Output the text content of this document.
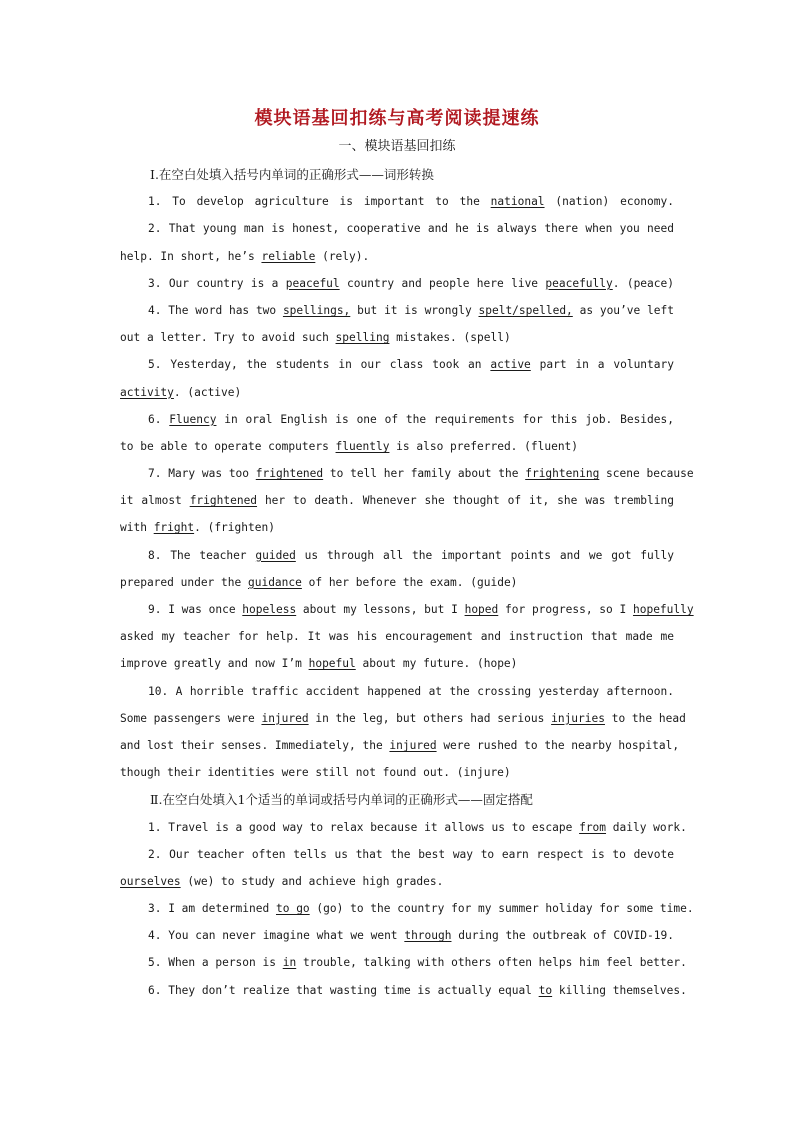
模块语基回扣练与高考阅读提速练

一、模块语基回扣练

Ⅰ.在空白处填入括号内单词的正确形式——词形转换

1. To develop agriculture is important to the national (nation) economy.

2. That young man is honest, cooperative and he is always there when you need

help. In short, he’s reliable (rely).

3. Our country is a peaceful country and people here live peacefully. (peace)

4. The word has two spellings, but it is wrongly spelt/spelled, as you’ve left

out a letter. Try to avoid such spelling mistakes. (spell)

5. Yesterday, the students in our class took an active part in a voluntary

activity. (active)

6. Fluency in oral English is one of the requirements for this job. Besides,

to be able to operate computers fluently is also preferred. (fluent)

7. Mary was too frightened to tell her family about the frightening scene because

it almost frightened her to death. Whenever she thought of it, she was trembling

with fright. (frighten)

8. The teacher guided us through all the important points and we got fully

prepared under the guidance of her before the exam. (guide)

9. I was once hopeless about my lessons, but I hoped for progress, so I hopefully

asked my teacher for help. It was his encouragement and instruction that made me

improve greatly and now I’m hopeful about my future. (hope)

10. A horrible traffic accident happened at the crossing yesterday afternoon.

Some passengers were injured in the leg, but others had serious injuries to the head

and lost their senses. Immediately, the injured were rushed to the nearby hospital,

though their identities were still not found out. (injure)

Ⅱ.在空白处填入1个适当的单词或括号内单词的正确形式——固定搭配

1. Travel is a good way to relax because it allows us to escape from daily work.

2. Our teacher often tells us that the best way to earn respect is to devote

ourselves (we) to study and achieve high grades.

3. I am determined to go (go) to the country for my summer holiday for some time.

4. You can never imagine what we went through during the outbreak of COVID-19.

5. When a person is in trouble, talking with others often helps him feel better.

6. They don’t realize that wasting time is actually equal to killing themselves.
